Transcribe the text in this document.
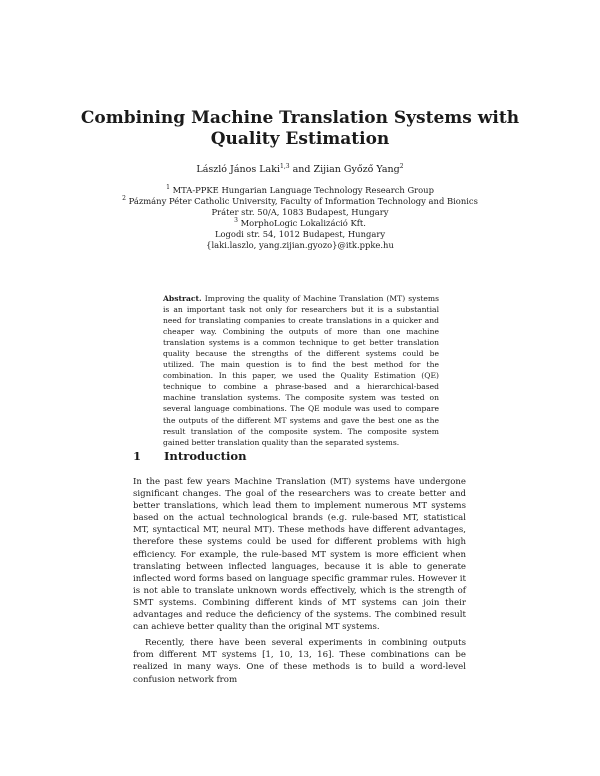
Combining Machine Translation Systems with
Quality Estimation
László János Laki$^{1,3}$ and Zijian Győző Yang$^2$
$^1$ MTA-PPKE Hungarian Language Technology Research Group
$^2$ Pázmány Péter Catholic University, Faculty of Information Technology and Bionics
Práter str. 50/A, 1083 Budapest, Hungary
$^3$ MorphoLogic Lokalizáció Kft.
Logodi str. 54, 1012 Budapest, Hungary
{laki.laszlo, yang.zijian.gyozo}@itk.ppke.hu
Abstract. Improving the quality of Machine Translation (MT) systems is an important task not only for researchers but it is a substantial need for translating companies to create translations in a quicker and cheaper way. Combining the outputs of more than one machine translation systems is a common technique to get better translation quality because the strengths of the different systems could be utilized. The main question is to find the best method for the combination. In this paper, we used the Quality Estimation (QE) technique to combine a phrase-based and a hierarchical-based machine translation systems. The composite system was tested on several language combinations. The QE module was used to compare the outputs of the different MT systems and gave the best one as the result translation of the composite system. The composite system gained better translation quality than the separated systems.
1 Introduction

In the past few years Machine Translation (MT) systems have undergone significant changes. The goal of the researchers was to create better and better translations, which lead them to implement numerous MT systems based on the actual technological brands (e.g. rule-based MT, statistical MT, syntactical MT, neural MT). These methods have different advantages, therefore these systems could be used for different problems with high efficiency. For example, the rule-based MT system is more efficient when translating between inflected languages, because it is able to generate inflected word forms based on language specific grammar rules. However it is not able to translate unknown words effectively, which is the strength of SMT systems. Combining different kinds of MT systems can join their advantages and reduce the deficiency of the systems. The combined result can achieve better quality than the original MT systems.

Recently, there have been several experiments in combining outputs from different MT systems [1, 10, 13, 16]. These combinations can be realized in many ways. One of these methods is to build a word-level confusion network from
